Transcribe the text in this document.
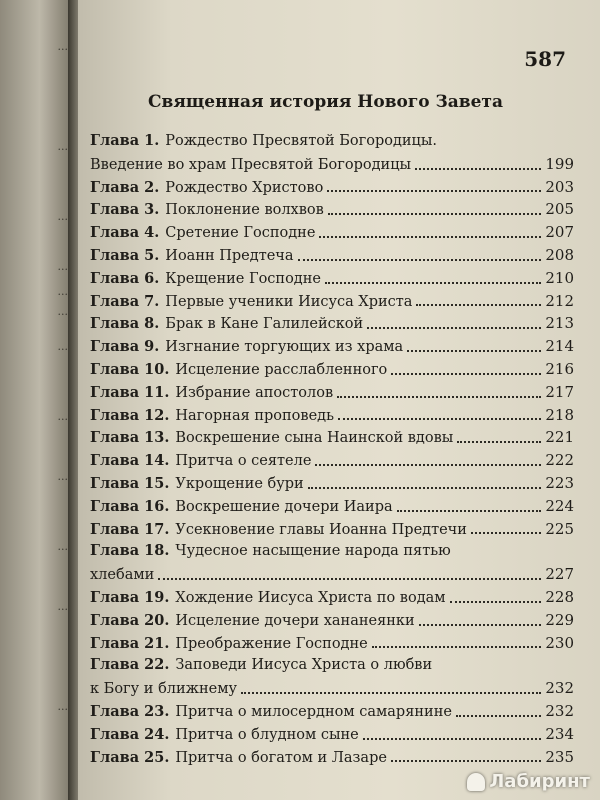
...
...
...
...
...
...
...
...
...
...
...
...
587
Священная история Нового Завета
Глава 1. Рождество Пресвятой Богородицы.
Введение во храм Пресвятой Богородицы	199
Глава 2. Рождество Христово	203
Глава 3. Поклонение волхвов	205
Глава 4. Сретение Господне	207
Глава 5. Иоанн Предтеча	208
Глава 6. Крещение Господне	210
Глава 7. Первые ученики Иисуса Христа	212
Глава 8. Брак в Кане Галилейской	213
Глава 9. Изгнание торгующих из храма	214
Глава 10. Исцеление расслабленного	216
Глава 11. Избрание апостолов	217
Глава 12. Нагорная проповедь	218
Глава 13. Воскрешение сына Наинской вдовы	221
Глава 14. Притча о сеятеле	222
Глава 15. Укрощение бури	223
Глава 16. Воскрешение дочери Иаира	224
Глава 17. Усекновение главы Иоанна Предтечи	225
Глава 18. Чудесное насыщение народа пятью
хлебами	227
Глава 19. Хождение Иисуса Христа по водам	228
Глава 20. Исцеление дочери хананеянки	229
Глава 21. Преображение Господне	230
Глава 22. Заповеди Иисуса Христа о любви
к Богу и ближнему	232
Глава 23. Притча о милосердном самарянине	232
Глава 24. Притча о блудном сыне	234
Глава 25. Притча о богатом и Лазаре	235
Лабиринт
